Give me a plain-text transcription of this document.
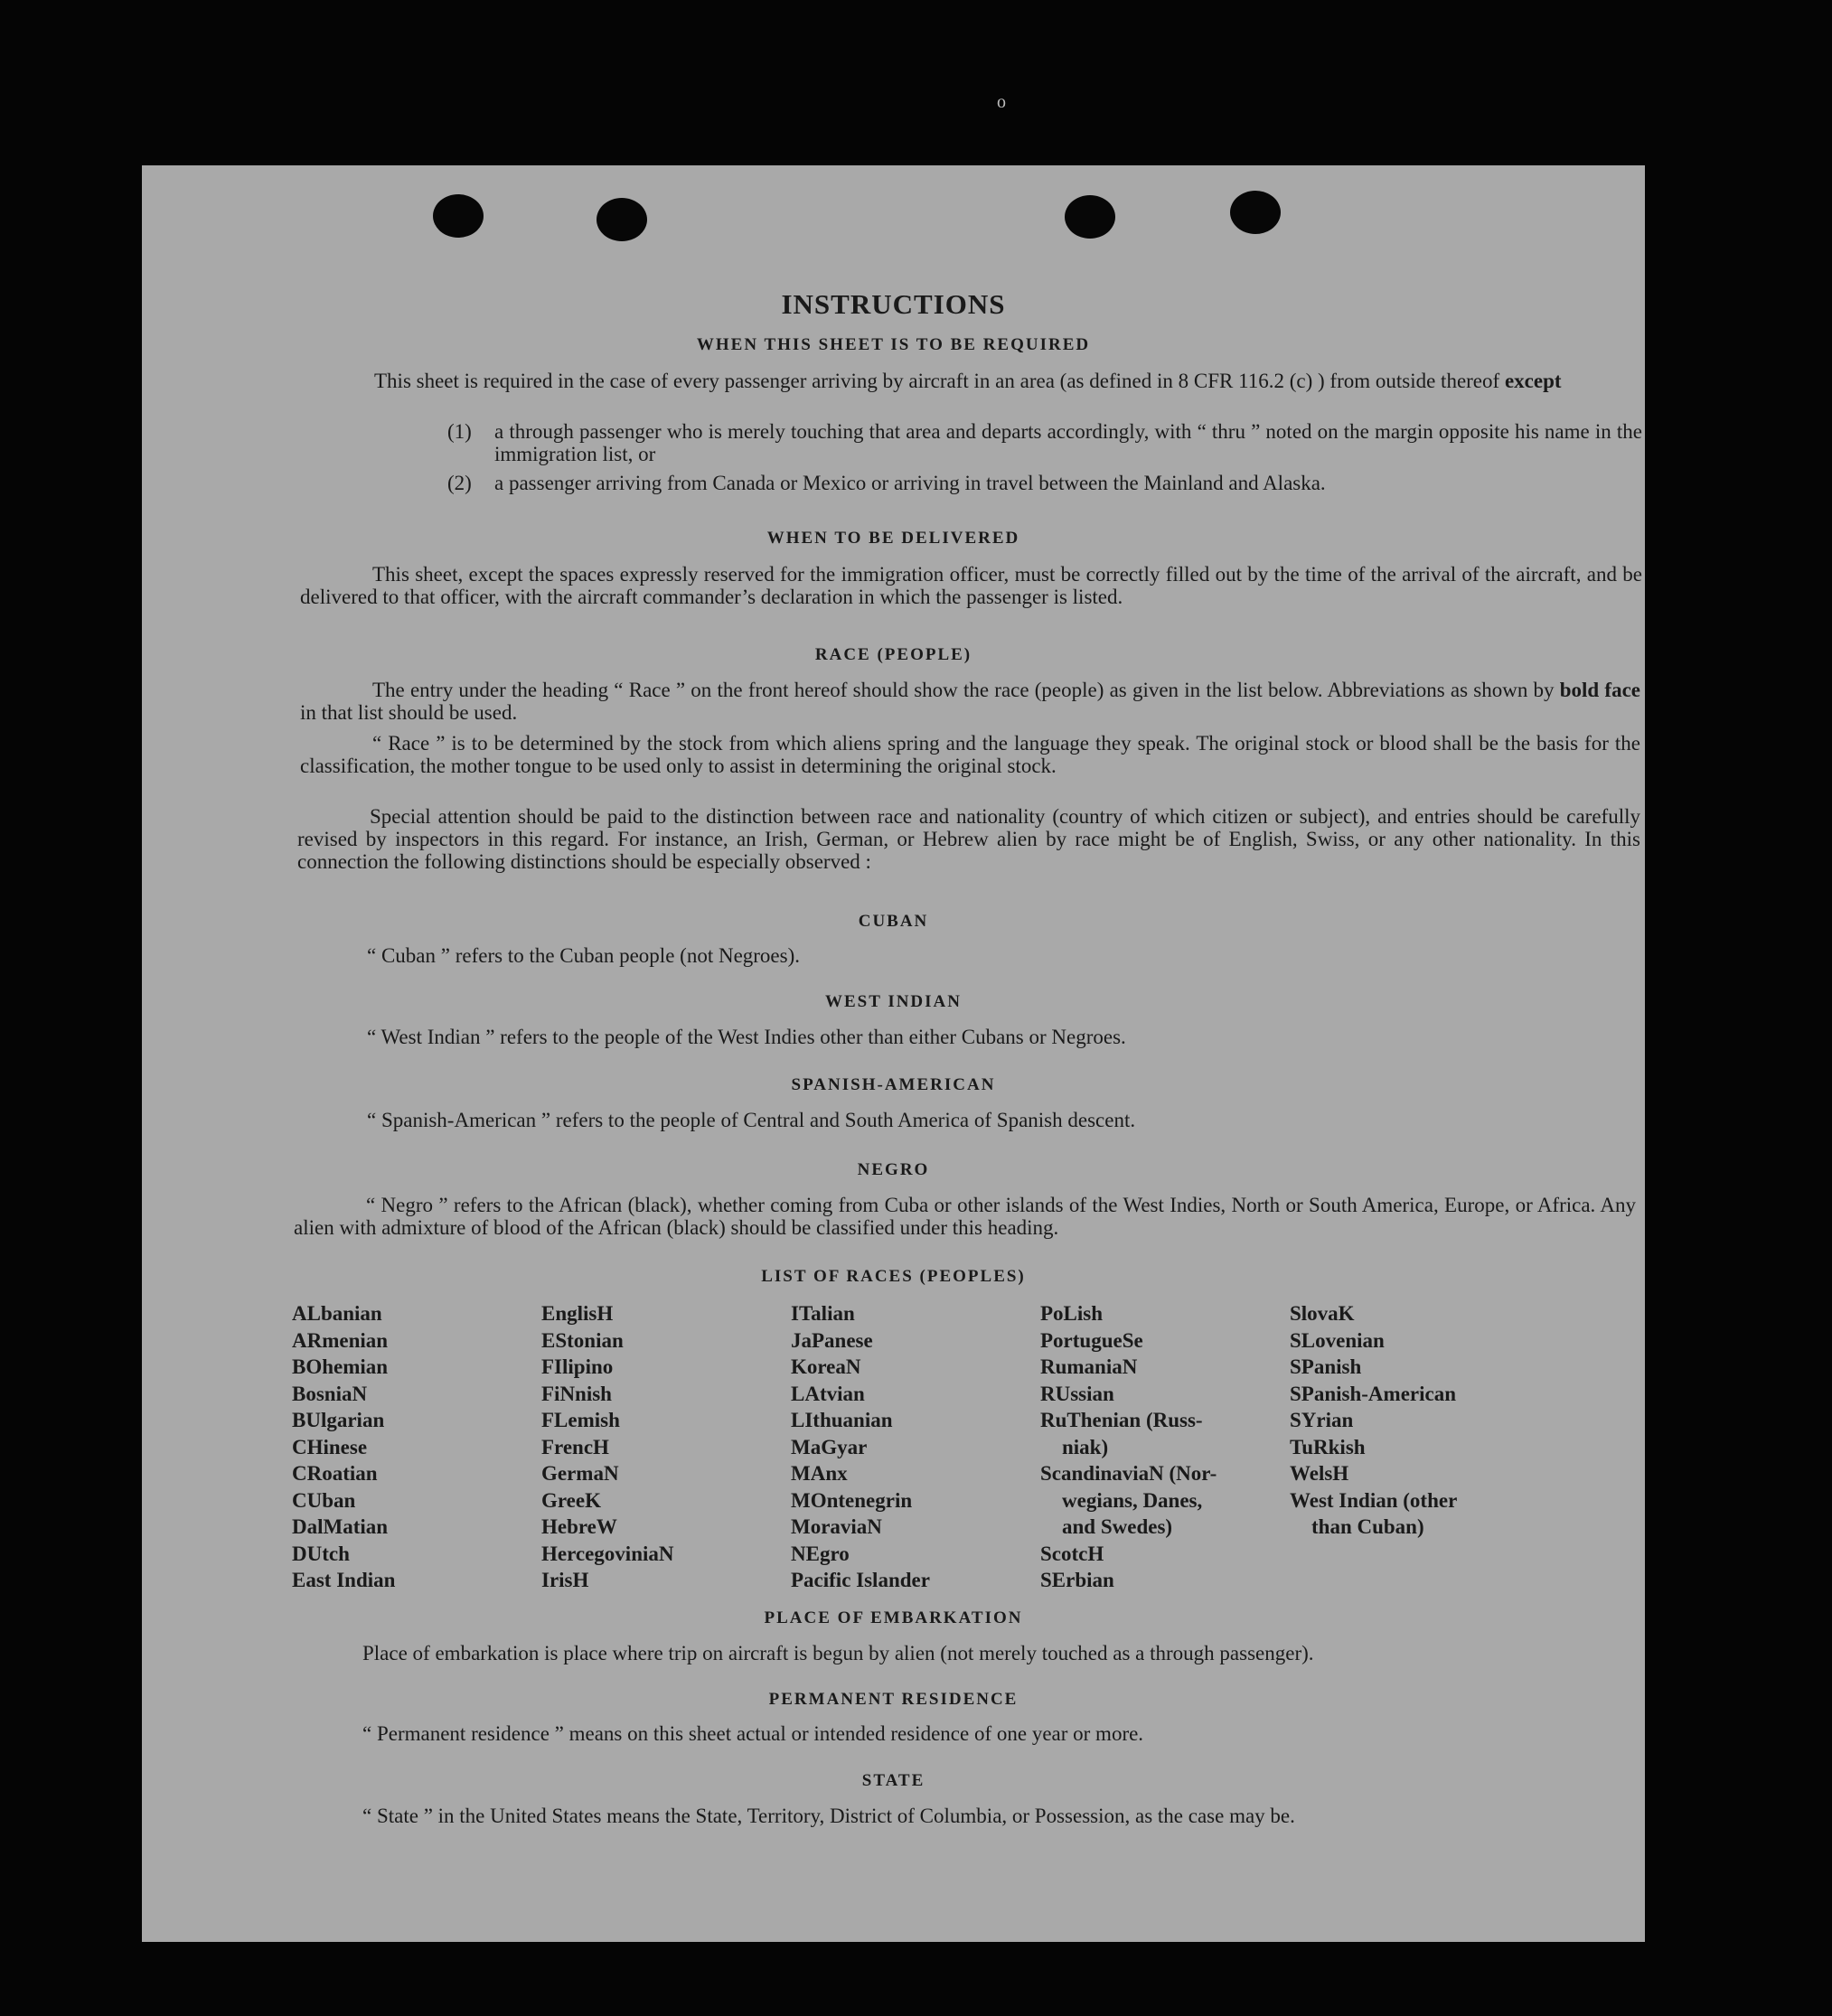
o
INSTRUCTIONS
WHEN THIS SHEET IS TO BE REQUIRED
This sheet is required in the case of every passenger arriving by aircraft in an area (as defined in 8 CFR 116.2 (c) ) from outside thereof except
(1) a through passenger who is merely touching that area and departs accordingly, with “ thru ” noted on the margin opposite his name in the immigration list, or
(2) a passenger arriving from Canada or Mexico or arriving in travel between the Mainland and Alaska.
WHEN TO BE DELIVERED
This sheet, except the spaces expressly reserved for the immigration officer, must be correctly filled out by the time of the arrival of the aircraft, and be delivered to that officer, with the aircraft commander’s declaration in which the passenger is listed.
RACE (PEOPLE)
The entry under the heading “ Race ” on the front hereof should show the race (people) as given in the list below. Abbreviations as shown by bold face in that list should be used.
“ Race ” is to be determined by the stock from which aliens spring and the language they speak. The original stock or blood shall be the basis for the classification, the mother tongue to be used only to assist in determining the original stock.
Special attention should be paid to the distinction between race and nationality (country of which citizen or subject), and entries should be carefully revised by inspectors in this regard. For instance, an Irish, German, or Hebrew alien by race might be of English, Swiss, or any other nationality. In this connection the following distinctions should be especially observed :
CUBAN
“ Cuban ” refers to the Cuban people (not Negroes).
WEST INDIAN
“ West Indian ” refers to the people of the West Indies other than either Cubans or Negroes.
SPANISH-AMERICAN
“ Spanish-American ” refers to the people of Central and South America of Spanish descent.
NEGRO
“ Negro ” refers to the African (black), whether coming from Cuba or other islands of the West Indies, North or South America, Europe, or Africa. Any alien with admixture of blood of the African (black) should be classified under this heading.
LIST OF RACES (PEOPLES)
ALbanian
ARmenian
BOhemian
BosniaN
BUlgarian
CHinese
CRoatian
CUban
DalMatian
DUtch
East Indian
EnglisH
EStonian
FIlipino
FiNnish
FLemish
FrencH
GermaN
GreeK
HebreW
HercegoviniaN
IrisH
ITalian
JaPanese
KoreaN
LAtvian
LIthuanian
MaGyar
MAnx
MOntenegrin
MoraviaN
NEgro
Pacific Islander
PoLish
PortugueSe
RumaniaN
RUssian
RuThenian (Russ-
niak)
ScandinaviaN (Nor-
wegians, Danes,
and Swedes)
ScotcH
SErbian
SlovaK
SLovenian
SPanish
SPanish-American
SYrian
TuRkish
WelsH
West Indian (other
than Cuban)
PLACE OF EMBARKATION
Place of embarkation is place where trip on aircraft is begun by alien (not merely touched as a through passenger).
PERMANENT RESIDENCE
“ Permanent residence ” means on this sheet actual or intended residence of one year or more.
STATE
“ State ” in the United States means the State, Territory, District of Columbia, or Possession, as the case may be.
